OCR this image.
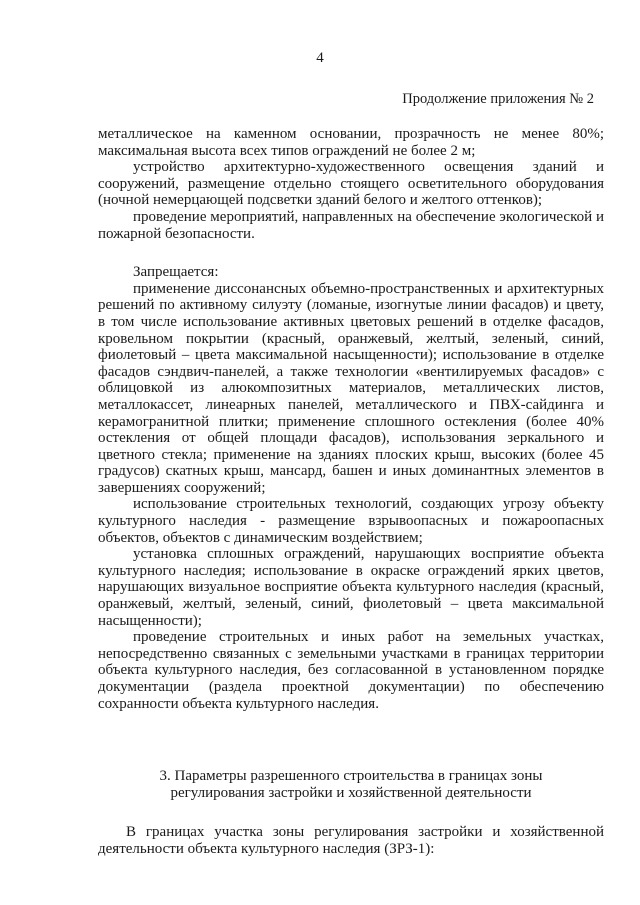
4
Продолжение приложения № 2

металлическое на каменном основании, прозрачность не менее 80%; максимальная высота всех типов ограждений не более 2 м;

устройство архитектурно-художественного освещения зданий и сооружений, размещение отдельно стоящего осветительного оборудования (ночной немерцающей подсветки зданий белого и желтого оттенков);

проведение мероприятий, направленных на обеспечение экологической и пожарной безопасности.

Запрещается:

применение диссонансных объемно-пространственных и архитектурных решений по активному силуэту (ломаные, изогнутые линии фасадов) и цвету, в том числе использование активных цветовых решений в отделке фасадов, кровельном покрытии (красный, оранжевый, желтый, зеленый, синий, фиолетовый – цвета максимальной насыщенности); использование в отделке фасадов сэндвич-панелей, а также технологии «вентилируемых фасадов» с облицовкой из алюкомпозитных материалов, металлических листов, металлокассет, линеарных панелей, металлического и ПВХ-сайдинга и керамогранитной плитки; применение сплошного остекления (более 40% остекления от общей площади фасадов), использования зеркального и цветного стекла; применение на зданиях плоских крыш, высоких (более 45 градусов) скатных крыш, мансард, башен и иных доминантных элементов в завершениях сооружений;

использование строительных технологий, создающих угрозу объекту культурного наследия - размещение взрывоопасных и пожароопасных объектов, объектов с динамическим воздействием;

установка сплошных ограждений, нарушающих восприятие объекта культурного наследия; использование в окраске ограждений ярких цветов, нарушающих визуальное восприятие объекта культурного наследия (красный, оранжевый, желтый, зеленый, синий, фиолетовый – цвета максимальной насыщенности);

проведение строительных и иных работ на земельных участках, непосредственно связанных с земельными участками в границах территории объекта культурного наследия, без согласованной в установленном порядке документации (раздела проектной документации) по обеспечению сохранности объекта культурного наследия.

3. Параметры разрешенного строительства в границах зоны
регулирования застройки и хозяйственной деятельности

В границах участка зоны регулирования застройки и хозяйственной деятельности объекта культурного наследия (ЗРЗ-1):
